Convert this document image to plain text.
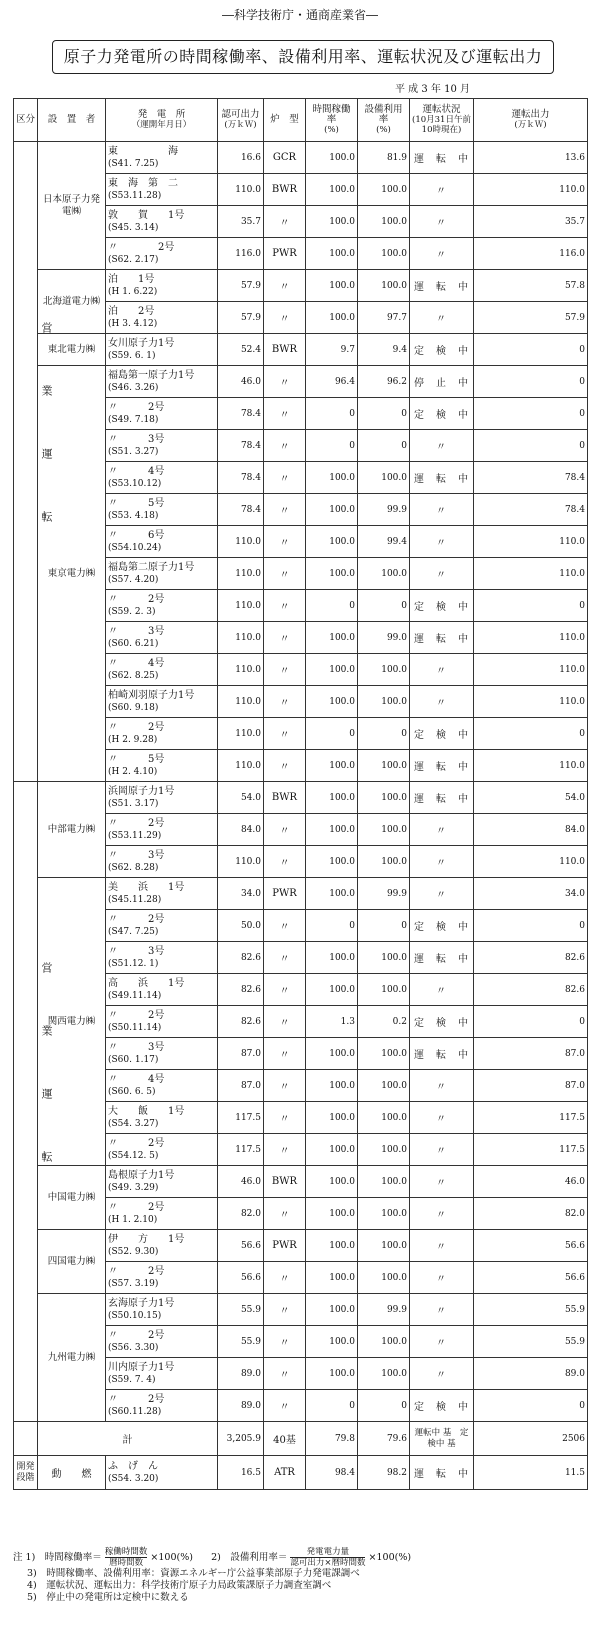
―科学技術庁・通商産業省―
原子力発電所の時間稼働率、設備利用率、運転状況及び運転出力
平 成 3 年 10 月
区分	設　置　者	発　電　所
（運開年月日）	認可出力
(万ｋＷ)	炉　型	時間稼働率
(%)	設備利用率
(%)	運転状況
(10月31日午前10時現在)	運転出力
(万ｋＷ)

営業運転	日本原子力発電㈱	東　　　　　海
(S41. 7.25)	16.6	GCR	100.0	81.9	運　転　中	13.6
		東　海　第　二
(S53.11.28)	110.0	BWR	100.0	100.0	〃	110.0
		敦　　賀　　1号
(S45. 3.14)	35.7	〃	100.0	100.0	〃	35.7
		〃　　　　2号
(S62. 2.17)	116.0	PWR	100.0	100.0	〃	116.0
	北海道電力㈱	泊　　1号
(H 1. 6.22)	57.9	〃	100.0	100.0	運　転　中	57.8
		泊　　2号
(H 3. 4.12)	57.9	〃	100.0	97.7	〃	57.9
	東北電力㈱	女川原子力1号
(S59. 6. 1)	52.4	BWR	9.7	9.4	定　検　中	0
	東京電力㈱	福島第一原子力1号
(S46. 3.26)	46.0	〃	96.4	96.2	停　止　中	0
		〃　　　2号
(S49. 7.18)	78.4	〃	0	0	定　検　中	0
		〃　　　3号
(S51. 3.27)	78.4	〃	0	0	〃	0
		〃　　　4号
(S53.10.12)	78.4	〃	100.0	100.0	運　転　中	78.4
		〃　　　5号
(S53. 4.18)	78.4	〃	100.0	99.9	〃	78.4
		〃　　　6号
(S54.10.24)	110.0	〃	100.0	99.4	〃	110.0
		福島第二原子力1号
(S57. 4.20)	110.0	〃	100.0	100.0	〃	110.0
		〃　　　2号
(S59. 2. 3)	110.0	〃	0	0	定　検　中	0
		〃　　　3号
(S60. 6.21)	110.0	〃	100.0	99.0	運　転　中	110.0
		〃　　　4号
(S62. 8.25)	110.0	〃	100.0	100.0	〃	110.0
		柏崎刈羽原子力1号
(S60. 9.18)	110.0	〃	100.0	100.0	〃	110.0
		〃　　　2号
(H 2. 9.28)	110.0	〃	0	0	定　検　中	0
		〃　　　5号
(H 2. 4.10)	110.0	〃	100.0	100.0	運　転　中	110.0
営業運転	中部電力㈱	浜岡原子力1号
(S51. 3.17)	54.0	BWR	100.0	100.0	運　転　中	54.0
		〃　　　2号
(S53.11.29)	84.0	〃	100.0	100.0	〃	84.0
		〃　　　3号
(S62. 8.28)	110.0	〃	100.0	100.0	〃	110.0
	関西電力㈱	美　　浜　　1号
(S45.11.28)	34.0	PWR	100.0	99.9	〃	34.0
		〃　　　2号
(S47. 7.25)	50.0	〃	0	0	定　検　中	0
		〃　　　3号
(S51.12. 1)	82.6	〃	100.0	100.0	運　転　中	82.6
		高　　浜　　1号
(S49.11.14)	82.6	〃	100.0	100.0	〃	82.6
		〃　　　2号
(S50.11.14)	82.6	〃	1.3	0.2	定　検　中	0
		〃　　　3号
(S60. 1.17)	87.0	〃	100.0	100.0	運　転　中	87.0
		〃　　　4号
(S60. 6. 5)	87.0	〃	100.0	100.0	〃	87.0
		大　　飯　　1号
(S54. 3.27)	117.5	〃	100.0	100.0	〃	117.5
		〃　　　2号
(S54.12. 5)	117.5	〃	100.0	100.0	〃	117.5
	中国電力㈱	島根原子力1号
(S49. 3.29)	46.0	BWR	100.0	100.0	〃	46.0
		〃　　　2号
(H 1. 2.10)	82.0	〃	100.0	100.0	〃	82.0
	四国電力㈱	伊　　方　　1号
(S52. 9.30)	56.6	PWR	100.0	100.0	〃	56.6
		〃　　　2号
(S57. 3.19)	56.6	〃	100.0	100.0	〃	56.6
	九州電力㈱	玄海原子力1号
(S50.10.15)	55.9	〃	100.0	99.9	〃	55.9
		〃　　　2号
(S56. 3.30)	55.9	〃	100.0	100.0	〃	55.9
		川内原子力1号
(S59. 7. 4)	89.0	〃	100.0	100.0	〃	89.0
		〃　　　2号
(S60.11.28)	89.0	〃	0	0	定　検　中	0
	計		3,205.9	40基	79.8	79.6	運転中 基　定検中 基	2506
開発段階	動　　燃	ふ　げ　ん
(S54. 3.20)	16.5	ATR	98.4	98.2	運　転　中	11.5
注 1)　時間稼働率＝ $\frac{\text{稼働時間数}}{\text{暦時間数}} \times 100(\%)$ 2)　設備利用率＝ $\frac{\text{発電電力量}}{\text{認可出力×暦時間数}} \times 100(\%)$
3)　時間稼働率、設備利用率：資源エネルギー庁公益事業部原子力発電課調べ
4)　運転状況、運転出力：科学技術庁原子力局政策課原子力調査室調べ
5)　停止中の発電所は定検中に数える
